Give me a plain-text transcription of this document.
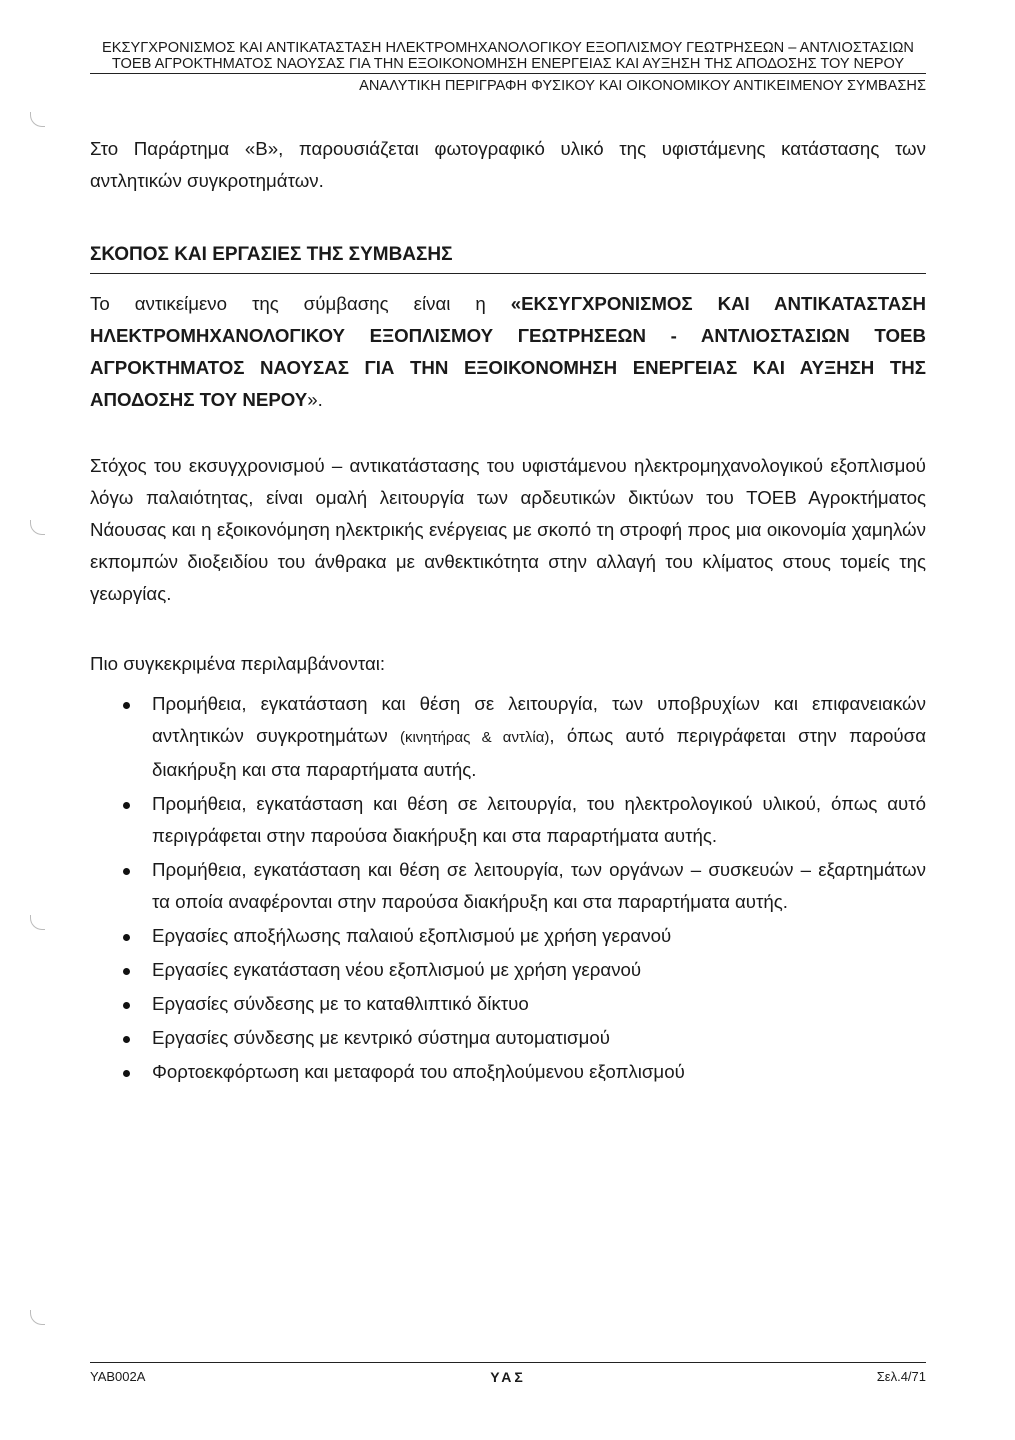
ΕΚΣΥΓΧΡΟΝΙΣΜΟΣ ΚΑΙ ΑΝΤΙΚΑΤΑΣΤΑΣΗ ΗΛΕΚΤΡΟΜΗΧΑΝΟΛΟΓΙΚΟΥ ΕΞΟΠΛΙΣΜΟΥ ΓΕΩΤΡΗΣΕΩΝ – ΑΝΤΛΙΟΣΤΑΣΙΩΝ
ΤΟΕΒ ΑΓΡΟΚΤΗΜΑΤΟΣ ΝΑΟΥΣΑΣ ΓΙΑ ΤΗΝ ΕΞΟΙΚΟΝΟΜΗΣΗ ΕΝΕΡΓΕΙΑΣ ΚΑΙ ΑΥΞΗΣΗ ΤΗΣ ΑΠΟΔΟΣΗΣ ΤΟΥ ΝΕΡΟΥ
ΑΝΑΛΥΤΙΚΗ ΠΕΡΙΓΡΑΦΗ ΦΥΣΙΚΟΥ ΚΑΙ ΟΙΚΟΝΟΜΙΚΟΥ ΑΝΤΙΚΕΙΜΕΝΟΥ ΣΥΜΒΑΣΗΣ

Στο Παράρτημα «Β», παρουσιάζεται φωτογραφικό υλικό της υφιστάμενης κατάστασης των

αντλητικών συγκροτημάτων.

ΣΚΟΠΟΣ ΚΑΙ ΕΡΓΑΣΙΕΣ ΤΗΣ ΣΥΜΒΑΣΗΣ

Το αντικείμενο της σύμβασης είναι η «ΕΚΣΥΓΧΡΟΝΙΣΜΟΣ ΚΑΙ ΑΝΤΙΚΑΤΑΣΤΑΣΗ ΗΛΕΚΤΡΟΜΗΧΑΝΟΛΟΓΙΚΟΥ ΕΞΟΠΛΙΣΜΟΥ ΓΕΩΤΡΗΣΕΩΝ - ΑΝΤΛΙΟΣΤΑΣΙΩΝ ΤΟΕΒ ΑΓΡΟΚΤΗΜΑΤΟΣ ΝΑΟΥΣΑΣ ΓΙΑ ΤΗΝ ΕΞΟΙΚΟΝΟΜΗΣΗ ΕΝΕΡΓΕΙΑΣ ΚΑΙ ΑΥΞΗΣΗ ΤΗΣ ΑΠΟΔΟΣΗΣ ΤΟΥ ΝΕΡΟΥ».

Στόχος του εκσυγχρονισμού – αντικατάστασης του υφιστάμενου ηλεκτρομηχανολογικού εξοπλισμού λόγω παλαιότητας, είναι ομαλή λειτουργία των αρδευτικών δικτύων του ΤΟΕΒ Αγροκτήματος Νάουσας και η εξοικονόμηση ηλεκτρικής ενέργειας με σκοπό τη στροφή προς μια οικονομία χαμηλών εκπομπών διοξειδίου του άνθρακα με ανθεκτικότητα στην αλλαγή του κλίματος στους τομείς της γεωργίας.

Πιο συγκεκριμένα περιλαμβάνονται:

Προμήθεια, εγκατάσταση και θέση σε λειτουργία, των υποβρυχίων και επιφανειακών αντλητικών συγκροτημάτων (κινητήρας & αντλία), όπως αυτό περιγράφεται στην παρούσα διακήρυξη και στα παραρτήματα αυτής.
Προμήθεια, εγκατάσταση και θέση σε λειτουργία, του ηλεκτρολογικού υλικού, όπως αυτό περιγράφεται στην παρούσα διακήρυξη και στα παραρτήματα αυτής.
Προμήθεια, εγκατάσταση και θέση σε λειτουργία, των οργάνων – συσκευών – εξαρτημάτων τα οποία αναφέρονται στην παρούσα διακήρυξη και στα παραρτήματα αυτής.
Εργασίες αποξήλωσης παλαιού εξοπλισμού με χρήση γερανού
Εργασίες εγκατάσταση νέου εξοπλισμού με χρήση γερανού
Εργασίες σύνδεσης με το καταθλιπτικό δίκτυο
Εργασίες σύνδεσης με κεντρικό σύστημα αυτοματισμού
Φορτοεκφόρτωση και μεταφορά του αποξηλούμενου εξοπλισμού
ΥΑΒ002Α	ΥΑΣ	Σελ.4/71
